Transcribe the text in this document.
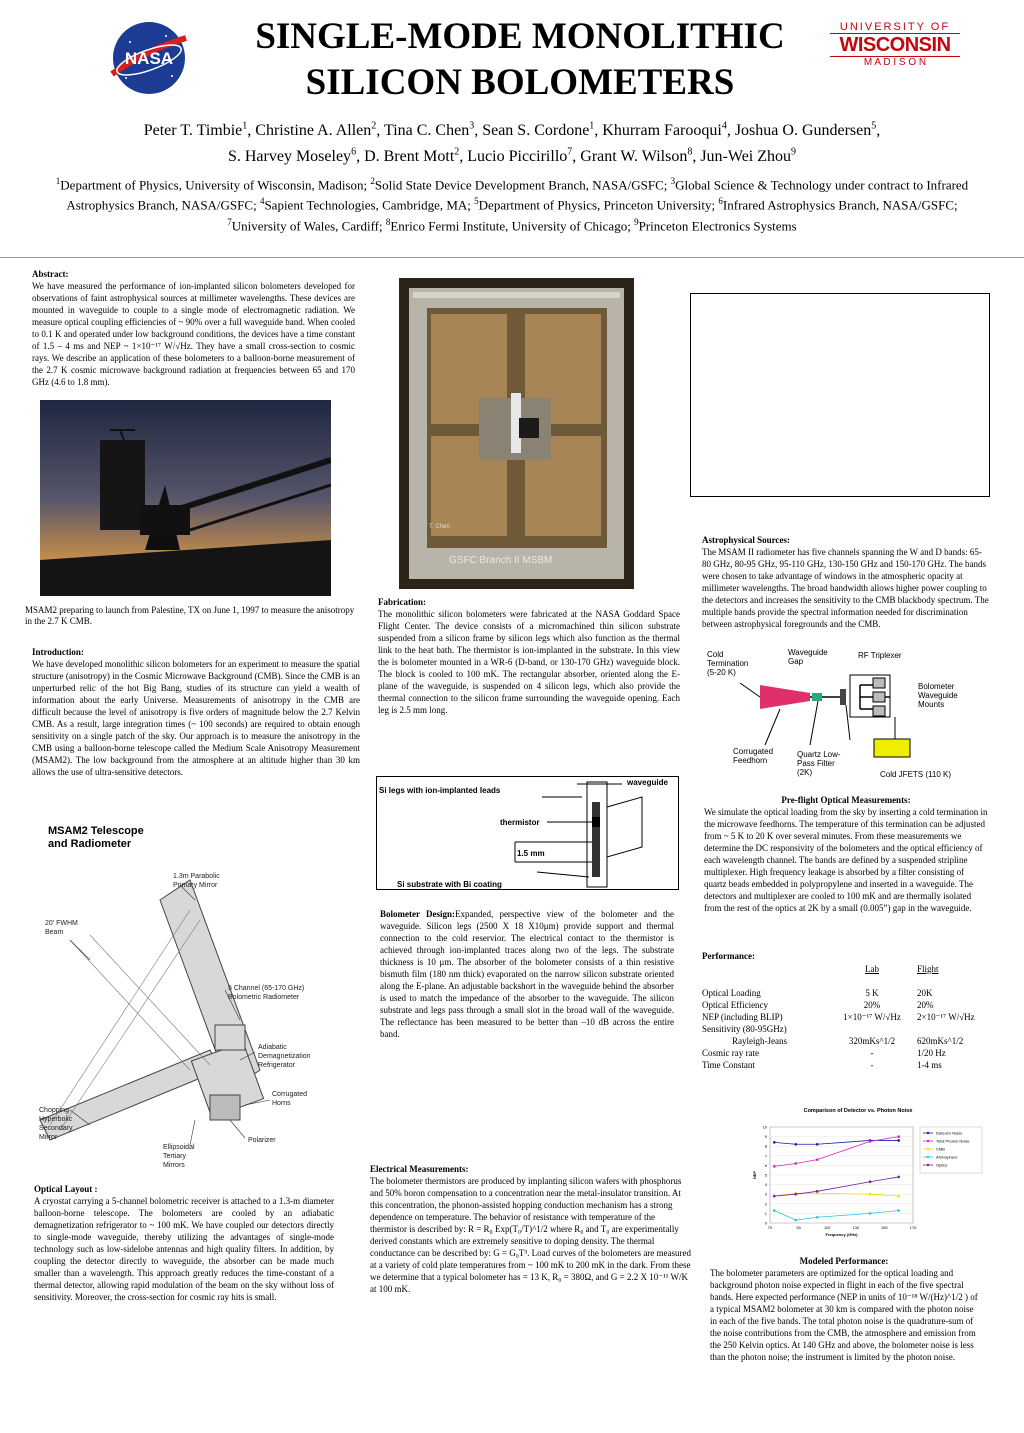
NASA
SINGLE-MODE MONOLITHIC
SILICON BOLOMETERS
UNIVERSITY OF
WISCONSIN
M A D I S O N
Peter T. Timbie$^1$, Christine A. Allen$^2$, Tina C. Chen$^3$, Sean S. Cordone$^1$, Khurram Farooqui$^4$, Joshua O. Gundersen$^5$,
S. Harvey Moseley$^6$, D. Brent Mott$^2$, Lucio Piccirillo$^7$, Grant W. Wilson$^8$, Jun-Wei Zhou$^9$
$^1$Department of Physics, University of Wisconsin, Madison; $^2$Solid State Device Development Branch, NASA/GSFC; $^3$Global Science & Technology under contract to Infrared Astrophysics Branch, NASA/GSFC; $^4$Sapient Technologies, Cambridge, MA; $^5$Department of Physics, Princeton University; $^6$Infrared Astrophysics Branch, NASA/GSFC; $^7$University of Wales, Cardiff; $^8$Enrico Fermi Institute, University of Chicago; $^9$Princeton Electronics Systems
Abstract:
We have measured the performance of ion-implanted silicon bolometers developed for observations of faint astrophysical sources at millimeter wavelengths. These devices are mounted in waveguide to couple to a single mode of electromagnetic radiation. We measure optical coupling efficiencies of ~ 90% over a full waveguide band. When cooled to 0.1 K and operated under low background conditions, the devices have a time constant of 1.5 – 4 ms and NEP ~ 1×10⁻¹⁷ W/√Hz. They have a small cross-section to cosmic rays. We describe an application of these bolometers to a balloon-borne measurement of the 2.7 K cosmic microwave background radiation at frequencies between 65 and 170 GHz (4.6 to 1.8 mm).
MSAM2 preparing to launch from Palestine, TX on June 1, 1997 to measure the anisotropy in the 2.7 K CMB.
Introduction:
We have developed monolithic silicon bolometers for an experiment to measure the spatial structure (anisotropy) in the Cosmic Microwave Background (CMB). Since the CMB is an unperturbed relic of the hot Big Bang, studies of its structure can yield a wealth of information about the early Universe. Measurements of anisotropy in the CMB are difficult because the level of anisotropy is five orders of magnitude below the 2.7 Kelvin CMB. As a result, large integration times (~ 100 seconds) are required to obtain enough sensitivity on a single patch of the sky. Our approach is to measure the anisotropy in the CMB using a balloon-borne telescope called the Medium Scale Anisotropy Measurement (MSAM2). The low background from the atmosphere at an altitude higher than 30 km allows the use of ultra-sensitive detectors.
MSAM2 Telescope
and Radiometer
1.3m Parabolic
Primary Mirror
20' FWHM
Beam
5 Channel (65-170 GHz)
Bolometric Radiometer
Adiabatic
Demagnetization
Refrigerator
Corrugated
Horns
Polarizer
Chopping
Hyperbolic
Secondary
Mirror
Ellipsoidal
Tertiary
Mirrors
Optical Layout :
A cryostat carrying a 5-channel bolometric receiver is attached to a 1.3-m diameter balloon-borne telescope. The bolometers are cooled by an adiabatic demagnetization refrigerator to ~ 100 mK. We have coupled our detectors directly to single-mode waveguide, thereby utilizing the advantages of single-mode technology such as low-sidelobe antennas and high quality filters. In addition, by coupling the detector directly to waveguide, the absorber can be made much smaller than a wavelength. This approach greatly reduces the time-constant of a thermal detector, allowing rapid modulation of the beam on the sky without loss of sensitivity. Moreover, the cross-section for cosmic ray hits is small.
T. Chen
GSFC Branch II MSBM
Fabrication:
The monolithic silicon bolometers were fabricated at the NASA Goddard Space Flight Center. The device consists of a micromachined thin silicon substrate suspended from a silicon frame by silicon legs which also function as the thermal link to the heat bath. The thermistor is ion-implanted in the substrate. In this view the is bolometer mounted in a WR-6 (D-band, or 130-170 GHz) waveguide block. The block is cooled to 100 mK. The rectangular absorber, oriented along the E-plane of the waveguide, is suspended on 4 silicon legs, which also provide the thermal connection to the silicon frame surrounding the waveguide opening. Each leg is 2.5 mm long.
Si legs with ion-implanted leads
waveguide
thermistor
1.5 mm
Si substrate with Bi coating
Bolometer Design:Expanded, perspective view of the bolometer and the waveguide. Silicon legs (2500 X 18 X10μm) provide support and thermal connection to the cold reservior. The electrical contact to the thermistor is achieved through ion-implanted traces along two of the legs. The substrate thickness is 10 μm. The absorber of the bolometer consists of a thin resistive bismuth film (180 nm thick) evaporated on the narrow silicon substrate oriented along the E-plane. An adjustable backshort in the waveguide behind the absorber is used to match the impedance of the absorber to the waveguide. The silicon substrate and legs pass through a small slot in the broad wall of the waveguide. The reflectance has been measured to be better than –10 dB across the entire band.
Electrical Measurements:
The bolometer thermistors are produced by implanting silicon wafers with phosphorus and 50% boron compensation to a concentration near the metal-insulator transition. At this concentration, the phonon-assisted hopping conduction mechanism has a strong dependence on temperature. The behavior of resistance with temperature of the thermistor is described by: R = R₀ Exp(T₀/T)^1/2 where R₀ and T₀ are experimentally derived constants which are extremely sensitive to doping density. The thermal conductance can be described by: G = G₀T³. Load curves of the bolometers are measured at a variety of cold plate temperatures from ~ 100 mK to 200 mK in the dark. From these we determine that a typical bolometer has = 13 K, R₀ = 380Ω, and G = 2.2 X 10⁻¹¹ W/K at 100 mK.
Astrophysical Sources:
The MSAM II radiometer has five channels spanning the W and D bands: 65-80 GHz, 80-95 GHz, 95-110 GHz, 130-150 GHz and 150-170 GHz. The bands were chosen to take advantage of windows in the atmospheric opacity at millimeter wavelengths. The broad bandwidth allows higher power coupling to the detectors and increases the sensitivity to the CMB blackbody spectrum. The multiple bands provide the spectral information needed for discrimination between astrophysical foregrounds and the CMB.
Cold
Termination
(5-20 K)
Waveguide
Gap
RF Triplexer
Bolometer
Waveguide
Mounts
Corrugated
Feedhorn
Quartz Low-
Pass Filter
(2K)	Cold JFETS (110 K)
Pre-flight Optical Measurements:
We simulate the optical loading from the sky by inserting a cold termination in the microwave feedhorns. The temperature of this termination can be adjusted from ~ 5 K to 20 K over several minutes. From these measurements we determine the DC responsivity of the bolometers and the optical efficiency of each wavelength channel. The bands are defined by a suspended stripline multiplexer. High frequency leakage is absorbed by a filter consisting of quartz beads embedded in polypropylene and inserted in a waveguide. The detectors and multiplexer are cooled to 100 mK and are thermally isolated from the rest of the optics at 2K by a small (0.005”) gap in the waveguide.
Performance:
	Lab	Flight
Optical Loading	5 K	20K
Optical Efficiency	20%	20%
NEP (including BLIP)	1×10⁻¹⁷ W/√Hz	2×10⁻¹⁷ W/√Hz
Sensitivity (80-95GHz)		
Rayleigh-Jeans	320mKs^1/2	620mKs^1/2
Cosmic ray rate	-	1/20 Hz
Time Constant	-	1-4 ms
Comparison of Detector vs. Photon Noise
0
1
2
3
4
5
6
7
8
9
10
70	90	110	130	150	170
Frequency (GHz)
NEP
Detector Noise
Total Photon Noise
CMB
Atmosphere
Optics
Modeled Performance:
The bolometer parameters are optimized for the optical loading and background photon noise expected in flight in each of the five spectral bands. Here expected performance (NEP in units of 10⁻¹⁸ W/(Hz)^1/2 ) of a typical MSAM2 bolometer at 30 km is compared with the photon noise in each of the five bands. The total photon noise is the quadrature-sum of the noise contributions from the CMB, the atmosphere and emission from the 250 Kelvin optics. At 140 GHz and above, the bolometer noise is less than the photon noise; the instrument is limited by the photon noise.
